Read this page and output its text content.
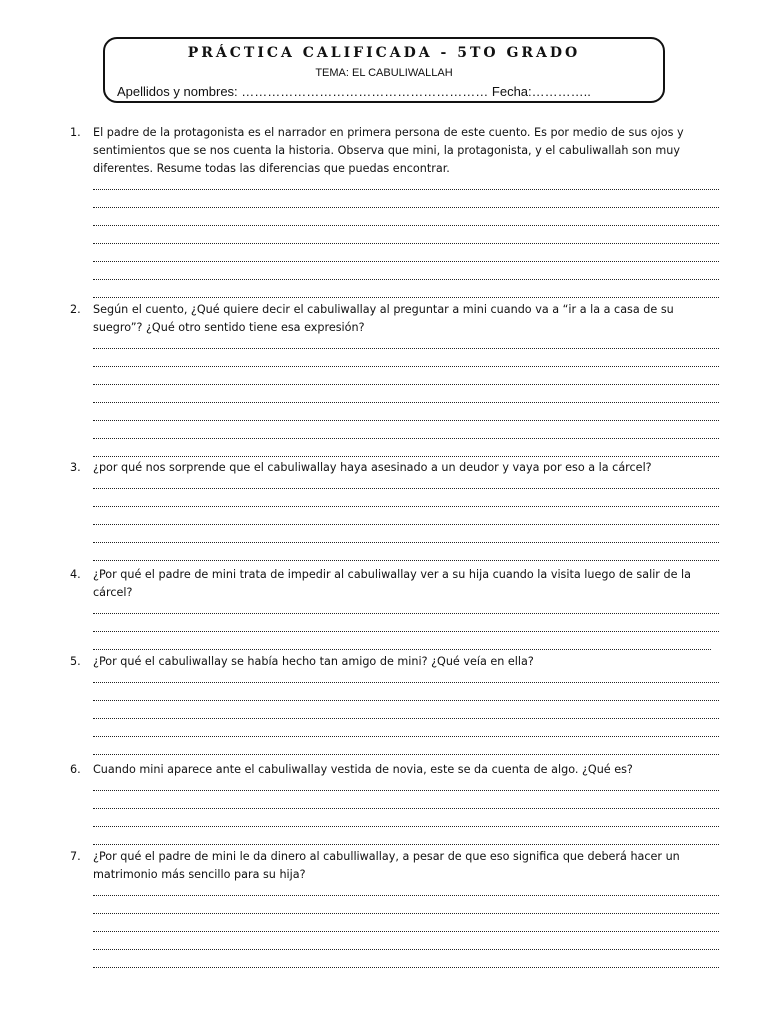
PRÁCTICA CALIFICADA - 5TO GRADO
TEMA: EL CABULIWALLAH
Apellidos y nombres: ………………………………………………… Fecha:…………..
1.	El padre de la protagonista es el narrador en primera persona de este cuento. Es por medio de sus ojos y sentimientos que se nos cuenta la historia. Observa que mini, la protagonista, y el cabuliwallah son muy diferentes. Resume todas las diferencias que puedas encontrar.
2.	Según el cuento, ¿Qué quiere decir el cabuliwallay al preguntar a mini cuando va a “ir a la a casa de su suegro”? ¿Qué otro sentido tiene esa expresión?
3.	¿por qué nos sorprende que el cabuliwallay haya asesinado a un deudor y vaya por eso a la cárcel?
4.	¿Por qué el padre de mini trata de impedir al cabuliwallay ver a su hija cuando la visita luego de salir de la cárcel?
5.	¿Por qué el cabuliwallay se había hecho tan amigo de mini? ¿Qué veía en ella?
6.	Cuando mini aparece ante el cabuliwallay vestida de novia, este se da cuenta de algo. ¿Qué es?
7.	¿Por qué el padre de mini le da dinero al cabulliwallay, a pesar de que eso significa que deberá hacer un matrimonio más sencillo para su hija?
